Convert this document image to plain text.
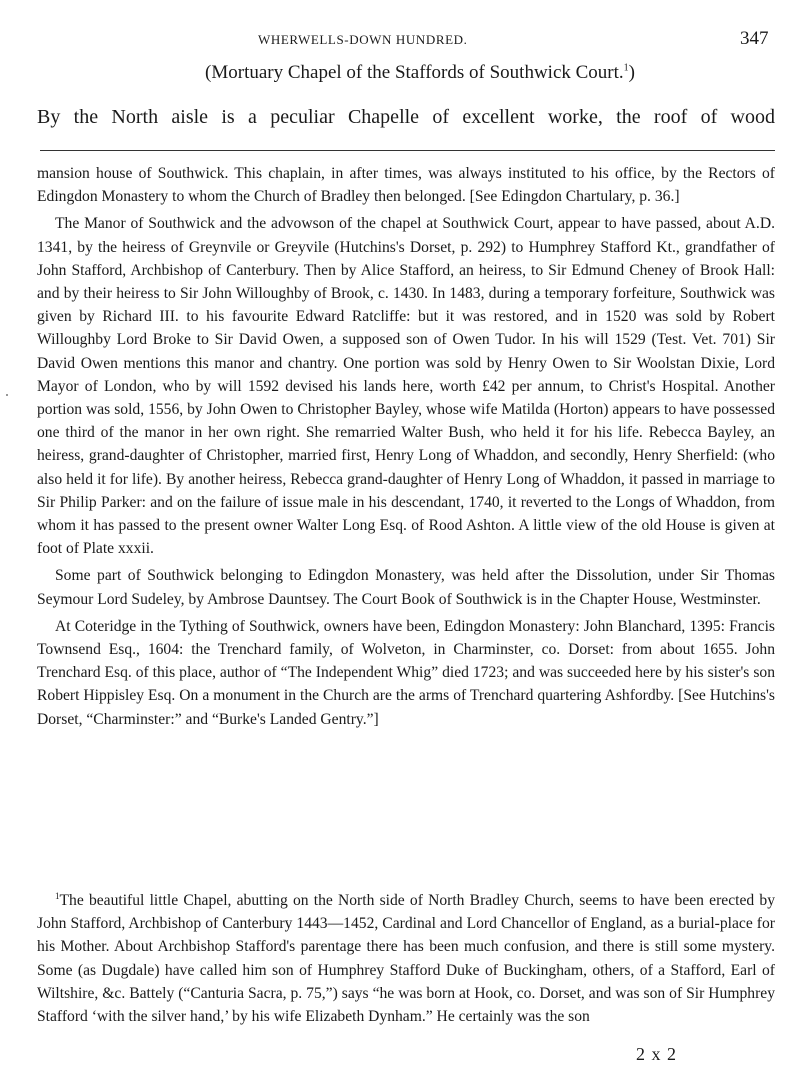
WHERWELLS-DOWN HUNDRED.	347
(Mortuary Chapel of the Staffords of Southwick Court.$^1$)
By the North aisle is a peculiar Chapelle of excellent worke, the roof of wood

mansion house of Southwick. This chaplain, in after times, was always instituted to his office, by the Rectors of Edingdon Monastery to whom the Church of Bradley then belonged. [See Edingdon Chartulary, p. 36.]

The Manor of Southwick and the advowson of the chapel at Southwick Court, appear to have passed, about A.D. 1341, by the heiress of Greynvile or Greyvile (Hutchins's Dorset, p. 292) to Humphrey Stafford Kt., grandfather of John Stafford, Archbishop of Canterbury. Then by Alice Stafford, an heiress, to Sir Edmund Cheney of Brook Hall: and by their heiress to Sir John Willoughby of Brook, c. 1430. In 1483, during a temporary forfeiture, Southwick was given by Richard III. to his favourite Edward Ratcliffe: but it was restored, and in 1520 was sold by Robert Willoughby Lord Broke to Sir David Owen, a supposed son of Owen Tudor. In his will 1529 (Test. Vet. 701) Sir David Owen mentions this manor and chantry. One portion was sold by Henry Owen to Sir Woolstan Dixie, Lord Mayor of London, who by will 1592 devised his lands here, worth £42 per annum, to Christ's Hospital. Another portion was sold, 1556, by John Owen to Christopher Bayley, whose wife Matilda (Horton) appears to have possessed one third of the manor in her own right. She remarried Walter Bush, who held it for his life. Rebecca Bayley, an heiress, grand-daughter of Christopher, married first, Henry Long of Whaddon, and secondly, Henry Sherfield: (who also held it for life). By another heiress, Rebecca grand-daughter of Henry Long of Whaddon, it passed in marriage to Sir Philip Parker: and on the failure of issue male in his descendant, 1740, it reverted to the Longs of Whaddon, from whom it has passed to the present owner Walter Long Esq. of Rood Ashton. A little view of the old House is given at foot of Plate xxxii.

Some part of Southwick belonging to Edingdon Monastery, was held after the Dissolution, under Sir Thomas Seymour Lord Sudeley, by Ambrose Dauntsey. The Court Book of Southwick is in the Chapter House, Westminster.

At Coteridge in the Tything of Southwick, owners have been, Edingdon Monastery: John Blanchard, 1395: Francis Townsend Esq., 1604: the Trenchard family, of Wolveton, in Charminster, co. Dorset: from about 1655. John Trenchard Esq. of this place, author of “The Independent Whig” died 1723; and was succeeded here by his sister's son Robert Hippisley Esq. On a monument in the Church are the arms of Trenchard quartering Ashfordby. [See Hutchins's Dorset, “Charminster:” and “Burke's Landed Gentry.”]

$^1$The beautiful little Chapel, abutting on the North side of North Bradley Church, seems to have been erected by John Stafford, Archbishop of Canterbury 1443—1452, Cardinal and Lord Chancellor of England, as a burial-place for his Mother. About Archbishop Stafford's parentage there has been much confusion, and there is still some mystery. Some (as Dugdale) have called him son of Humphrey Stafford Duke of Buckingham, others, of a Stafford, Earl of Wiltshire, &c. Battely (“Canturia Sacra, p. 75,”) says “he was born at Hook, co. Dorset, and was son of Sir Humphrey Stafford ‘with the silver hand,’ by his wife Elizabeth Dynham.” He certainly was the son

2 x 2
